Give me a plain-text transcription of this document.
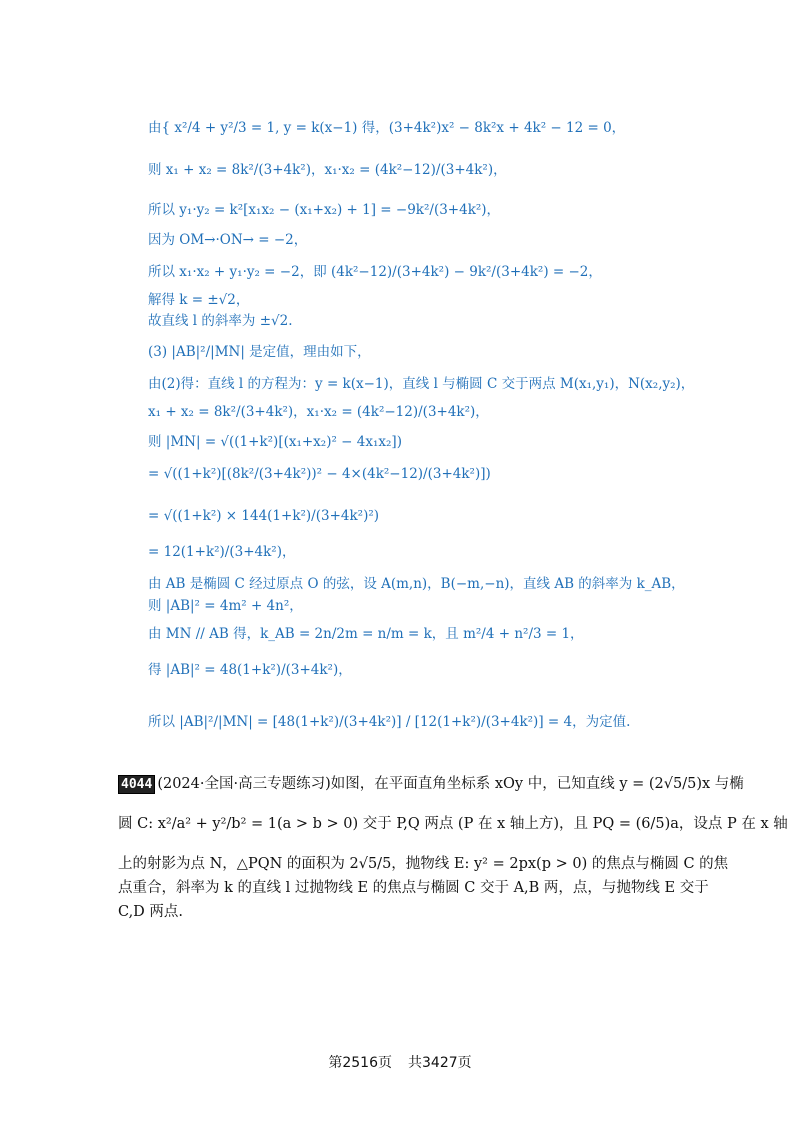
由{ x²/4 + y²/3 = 1, y = k(x−1) 得，(3+4k²)x² − 8k²x + 4k² − 12 = 0，
则 x₁ + x₂ = 8k²/(3+4k²)，x₁·x₂ = (4k²−12)/(3+4k²)，
所以 y₁·y₂ = k²[x₁x₂ − (x₁+x₂) + 1] = −9k²/(3+4k²)，
因为 OM→·ON→ = −2，
所以 x₁·x₂ + y₁·y₂ = −2，即 (4k²−12)/(3+4k²) − 9k²/(3+4k²) = −2，
解得 k = ±√2，
故直线 l 的斜率为 ±√2.
(3) |AB|²/|MN| 是定值，理由如下，
由(2)得：直线 l 的方程为：y = k(x−1)，直线 l 与椭圆 C 交于两点 M(x₁,y₁)，N(x₂,y₂)，
x₁ + x₂ = 8k²/(3+4k²)，x₁·x₂ = (4k²−12)/(3+4k²)，
则 |MN| = √((1+k²)[(x₁+x₂)² − 4x₁x₂])
= √((1+k²)[(8k²/(3+4k²))² − 4×(4k²−12)/(3+4k²)])
= √((1+k²) × 144(1+k²)/(3+4k²)²)
= 12(1+k²)/(3+4k²)，
由 AB 是椭圆 C 经过原点 O 的弦，设 A(m,n)，B(−m,−n)，直线 AB 的斜率为 k_AB，
则 |AB|² = 4m² + 4n²，
由 MN // AB 得，k_AB = 2n/2m = n/m = k，且 m²/4 + n²/3 = 1，
得 |AB|² = 48(1+k²)/(3+4k²)，
所以 |AB|²/|MN| = [48(1+k²)/(3+4k²)] / [12(1+k²)/(3+4k²)] = 4，为定值.
4044 (2024·全国·高三专题练习)如图，在平面直角坐标系 xOy 中，已知直线 y = (2√5/5)x 与椭
圆 C: x²/a² + y²/b² = 1(a > b > 0) 交于 P,Q 两点 (P 在 x 轴上方)，且 PQ = (6/5)a，设点 P 在 x 轴
上的射影为点 N，△PQN 的面积为 2√5/5，抛物线 E: y² = 2px(p > 0) 的焦点与椭圆 C 的焦
点重合，斜率为 k 的直线 l 过抛物线 E 的焦点与椭圆 C 交于 A,B 两，点，与抛物线 E 交于
C,D 两点.
第2516页 共3427页
